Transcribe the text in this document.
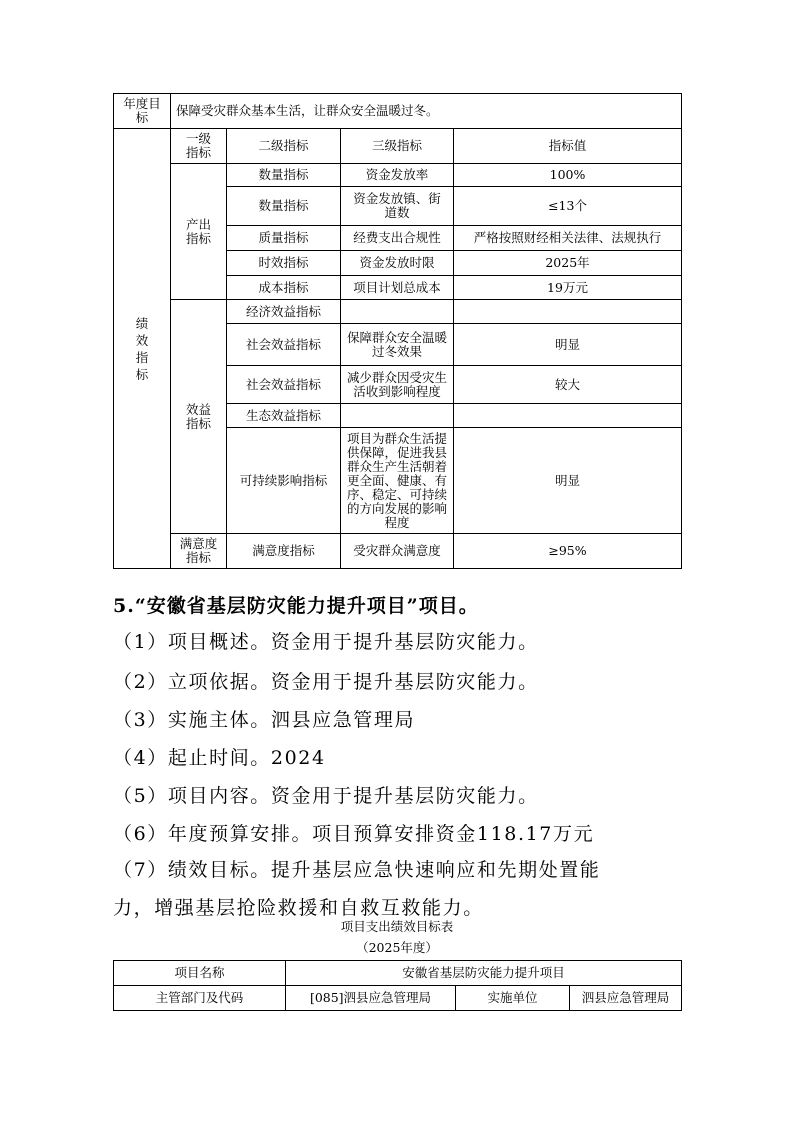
年度目标	保障受灾群众基本生活，让群众安全温暖过冬。			
绩效指标	一级指标	二级指标	三级指标	指标值
	产出指标	数量指标	资金发放率	100%
		数量指标	资金发放镇、街道数	≤13个
		质量指标	经费支出合规性	严格按照财经相关法律、法规执行
		时效指标	资金发放时限	2025年
		成本指标	项目计划总成本	19万元
	效益指标	经济效益指标		
		社会效益指标	保障群众安全温暖过冬效果	明显
		社会效益指标	减少群众因受灾生活收到影响程度	较大
		生态效益指标		
		可持续影响指标	项目为群众生活提供保障，促进我县群众生产生活朝着更全面、健康、有序、稳定、可持续的方向发展的影响程度	明显
	满意度指标	满意度指标	受灾群众满意度	≥95%
5.“安徽省基层防灾能力提升项目”项目。
（1）项目概述。资金用于提升基层防灾能力。
（2）立项依据。资金用于提升基层防灾能力。
（3）实施主体。泗县应急管理局
（4）起止时间。2024
（5）项目内容。资金用于提升基层防灾能力。
（6）年度预算安排。项目预算安排资金118.17万元
（7）绩效目标。提升基层应急快速响应和先期处置能
力，增强基层抢险救援和自救互救能力。
项目支出绩效目标表
（2025年度）
项目名称	安徽省基层防灾能力提升项目		
主管部门及代码	[085]泗县应急管理局	实施单位	泗县应急管理局
